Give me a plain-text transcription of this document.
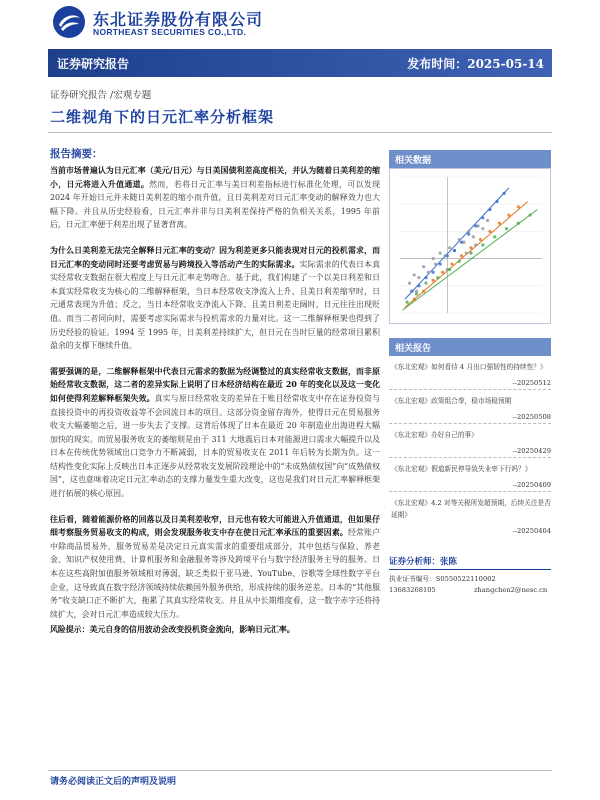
东北证券股份有限公司
NORTHEAST SECURITIES CO.,LTD.
证券研究报告	发布时间：2025-05-14
证券研究报告 /宏观专题
二维视角下的日元汇率分析框架
报告摘要：

当前市场普遍认为日元汇率（美元/日元）与日美国债利差高度相关，并认为随着日美利差的缩小，日元将进入升值通道。然而，若将日元汇率与美日利差指标进行标准化处理，可以发现 2024 年开始日元并未随日美利差的缩小而升值，且日美利差对日元汇率变动的解释效力也大幅下降。并且从历史经验看，日元汇率并非与日美利差保持严格的负相关关系，1995 年前后，日元汇率便于利差出现了显著背离。

为什么日美利差无法完全解释日元汇率的变动？因为利差更多只能表现对日元的投机需求，而日元汇率的变动同时还要考虑贸易与跨境投入等活动产生的实际需求。实际需求的代表日本真实经常收支数据在很大程度上与日元汇率走势吻合。基于此，我们构建了一个以美日利差和日本真实经常收支为核心的二维解释框架，当日本经常收支净流入上升、且美日利差缩窄时，日元通常表现为升值；反之，当日本经常收支净流入下降、且美日利差走阔时，日元往往出现贬值。而当二者同向时，需要考虑实际需求与投机需求的力量对比。这一二维解释框架也得到了历史经验的验证。1994 至 1995 年，日美利差持续扩大，但日元在当时巨量的经常项目累积盈余的支撑下继续升值。

需要强调的是，二维解释框架中代表日元需求的数据为经调整过的真实经常收支数据，而非原始经常收支数据，这二者的差异实际上说明了日本经济结构在最近 20 年的变化以及这一变化如何使得利差解释框架失效。真实与原日经常收支的差异在于账目经常收支中存在证券投资与直接投资中的再投资收益等不会回流日本的项目。这部分资金留存海外，使得日元在贸易服务收支大幅萎缩之后，进一步失去了支撑。这背后体现了日本在最近 20 年制造业出海进程大幅加快的现实。而贸易服务收支的萎缩则是由于 311 大地震后日本对能源进口需求大幅提升以及日本在传统优势领域出口竞争力不断减弱，日本的贸易收支在 2011 年后转为长期为负。这一结构性变化实际上反映出日本正逐步从经常收支发展阶段理论中的“未成熟债权国”向“成熟债权国”，这也意味着决定日元汇率动态的支撑力量发生重大改变，这也是我们对日元汇率解释框架进行拓展的核心原因。

往后看，随着能源价格的回落以及日美利差收窄，日元也有较大可能进入升值通道，但如果仔细考察服务贸易收支的构成，则会发现服务收支中存在使日元汇率承压的重要因素。经常账户中除商品贸易外，服务贸易差是决定日元真实需求的重要组成部分，其中包括与保险、养老金、知识产权使用费、计算机服务和金融服务等涉及跨境平台与数字经济服务主导的服务。日本在这些高附加值服务领域相对薄弱，缺乏类似于亚马逊、YouTube、谷歌等全球性数字平台企业，这导致真在数字经济领域持续依赖国外服务供给，形成持续的服务逆差。日本的“其他服务”收支缺口正不断扩大，拖累了其真实经常收支。并且从中长期维度看，这一数字赤字还将持续扩大，会对日元汇率造成较大压力。

风险提示：美元自身的信用波动会改变投机资金流向，影响日元汇率。

相关数据
相关报告
《东北宏观》如何看待 4 月出口强韧性的持续性？》
--20250512
《东北宏观》政策组合拳，稳市场稳预期
--20250508
《东北宏观》办好自己的事》
--20250429
《东北宏观》假道新民停导致失业率下行吗？》
--20250409
《东北宏观》4.2 对等关税所发超预期，后续关注是否延期》
--20250404
证券分析师：张陈
执业证书编号：S0550522110002
13683268105	zhangchen2@nesc.cn
请务必阅读正文后的声明及说明
